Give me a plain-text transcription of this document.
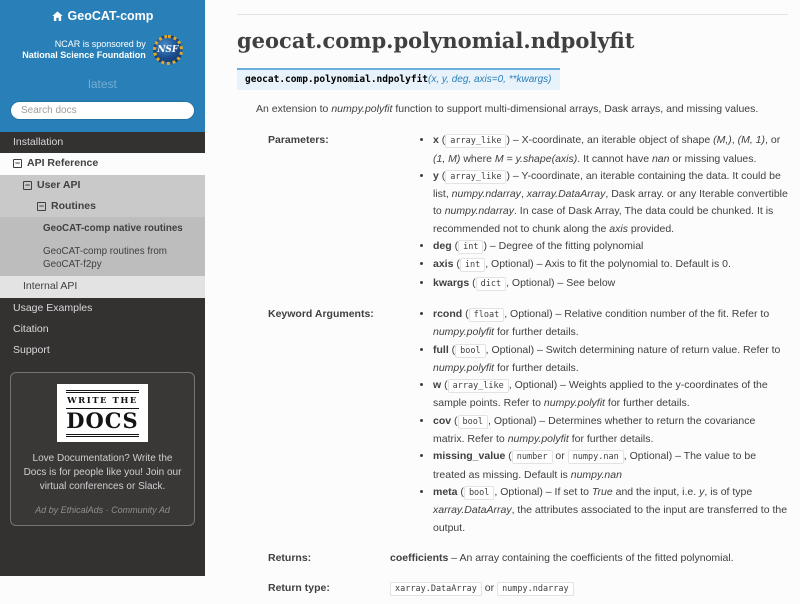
GeoCAT-comp
NCAR is sponsored by
National Science Foundation NSF
latest
Search docs
Installation
− API Reference
− User API
− Routines
GeoCAT-comp native routines
GeoCAT-comp routines from GeoCAT-f2py
Internal API
Usage Examples
Citation
Support
WRITE THE
DOCS
Love Documentation? Write the Docs is for people like you! Join our virtual conferences or Slack.
Ad by EthicalAds · Community Ad
geocat.comp.polynomial.ndpolyfit
geocat.comp.polynomial.ndpolyfit(x, y, deg, axis=0, **kwargs)

An extension to numpy.polyfit function to support multi-dimensional arrays, Dask arrays, and missing values.

Parameters:	• x ( array_like ) – X-coordinate, an iterable object of shape (M,), (M, 1), or (1, M) where M = y.shape(axis). It cannot have nan or missing values.
• y ( array_like ) – Y-coordinate, an iterable containing the data. It could be list, numpy.ndarray, xarray.DataArray, Dask array. or any Iterable convertible to numpy.ndarray. In case of Dask Array, The data could be chunked. It is recommended not to chunk along the axis provided.
• deg ( int ) – Degree of the fitting polynomial
• axis ( int , Optional) – Axis to fit the polynomial to. Default is 0.
• kwargs ( dict , Optional) – See below
Keyword Arguments:	• rcond ( float , Optional) – Relative condition number of the fit. Refer to numpy.polyfit for further details.
• full ( bool , Optional) – Switch determining nature of return value. Refer to numpy.polyfit for further details.
• w ( array_like , Optional) – Weights applied to the y-coordinates of the sample points. Refer to numpy.polyfit for further details.
• cov ( bool , Optional) – Determines whether to return the covariance matrix. Refer to numpy.polyfit for further details.
• missing_value ( number or numpy.nan , Optional) – The value to be treated as missing. Default is numpy.nan
• meta ( bool , Optional) – If set to True and the input, i.e. y, is of type xarray.DataArray, the attributes associated to the input are transferred to the output.
Returns:	coefficients – An array containing the coefficients of the fitted polynomial.
Return type:	xarray.DataArray or numpy.ndarray
